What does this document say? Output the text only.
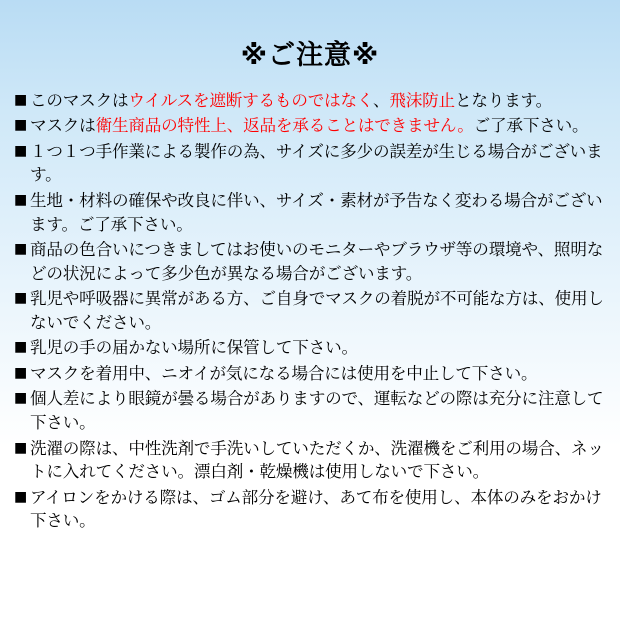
※ご注意※
■ このマスクはウイルスを遮断するものではなく、飛沫防止となります。
■ マスクは衛生商品の特性上、返品を承ることはできません。ご了承下さい。
■ １つ１つ手作業による製作の為、サイズに多少の誤差が生じる場合がございます。
■ 生地・材料の確保や改良に伴い、サイズ・素材が予告なく変わる場合がございます。ご了承下さい。
■ 商品の色合いにつきましてはお使いのモニターやブラウザ等の環境や、照明などの状況によって多少色が異なる場合がございます。
■ 乳児や呼吸器に異常がある方、ご自身でマスクの着脱が不可能な方は、使用しないでください。
■ 乳児の手の届かない場所に保管して下さい。
■ マスクを着用中、ニオイが気になる場合には使用を中止して下さい。
■ 個人差により眼鏡が曇る場合がありますので、運転などの際は充分に注意して下さい。
■ 洗濯の際は、中性洗剤で手洗いしていただくか、洗濯機をご利用の場合、ネットに入れてください。漂白剤・乾燥機は使用しないで下さい。
■ アイロンをかける際は、ゴム部分を避け、あて布を使用し、本体のみをおかけ下さい。
